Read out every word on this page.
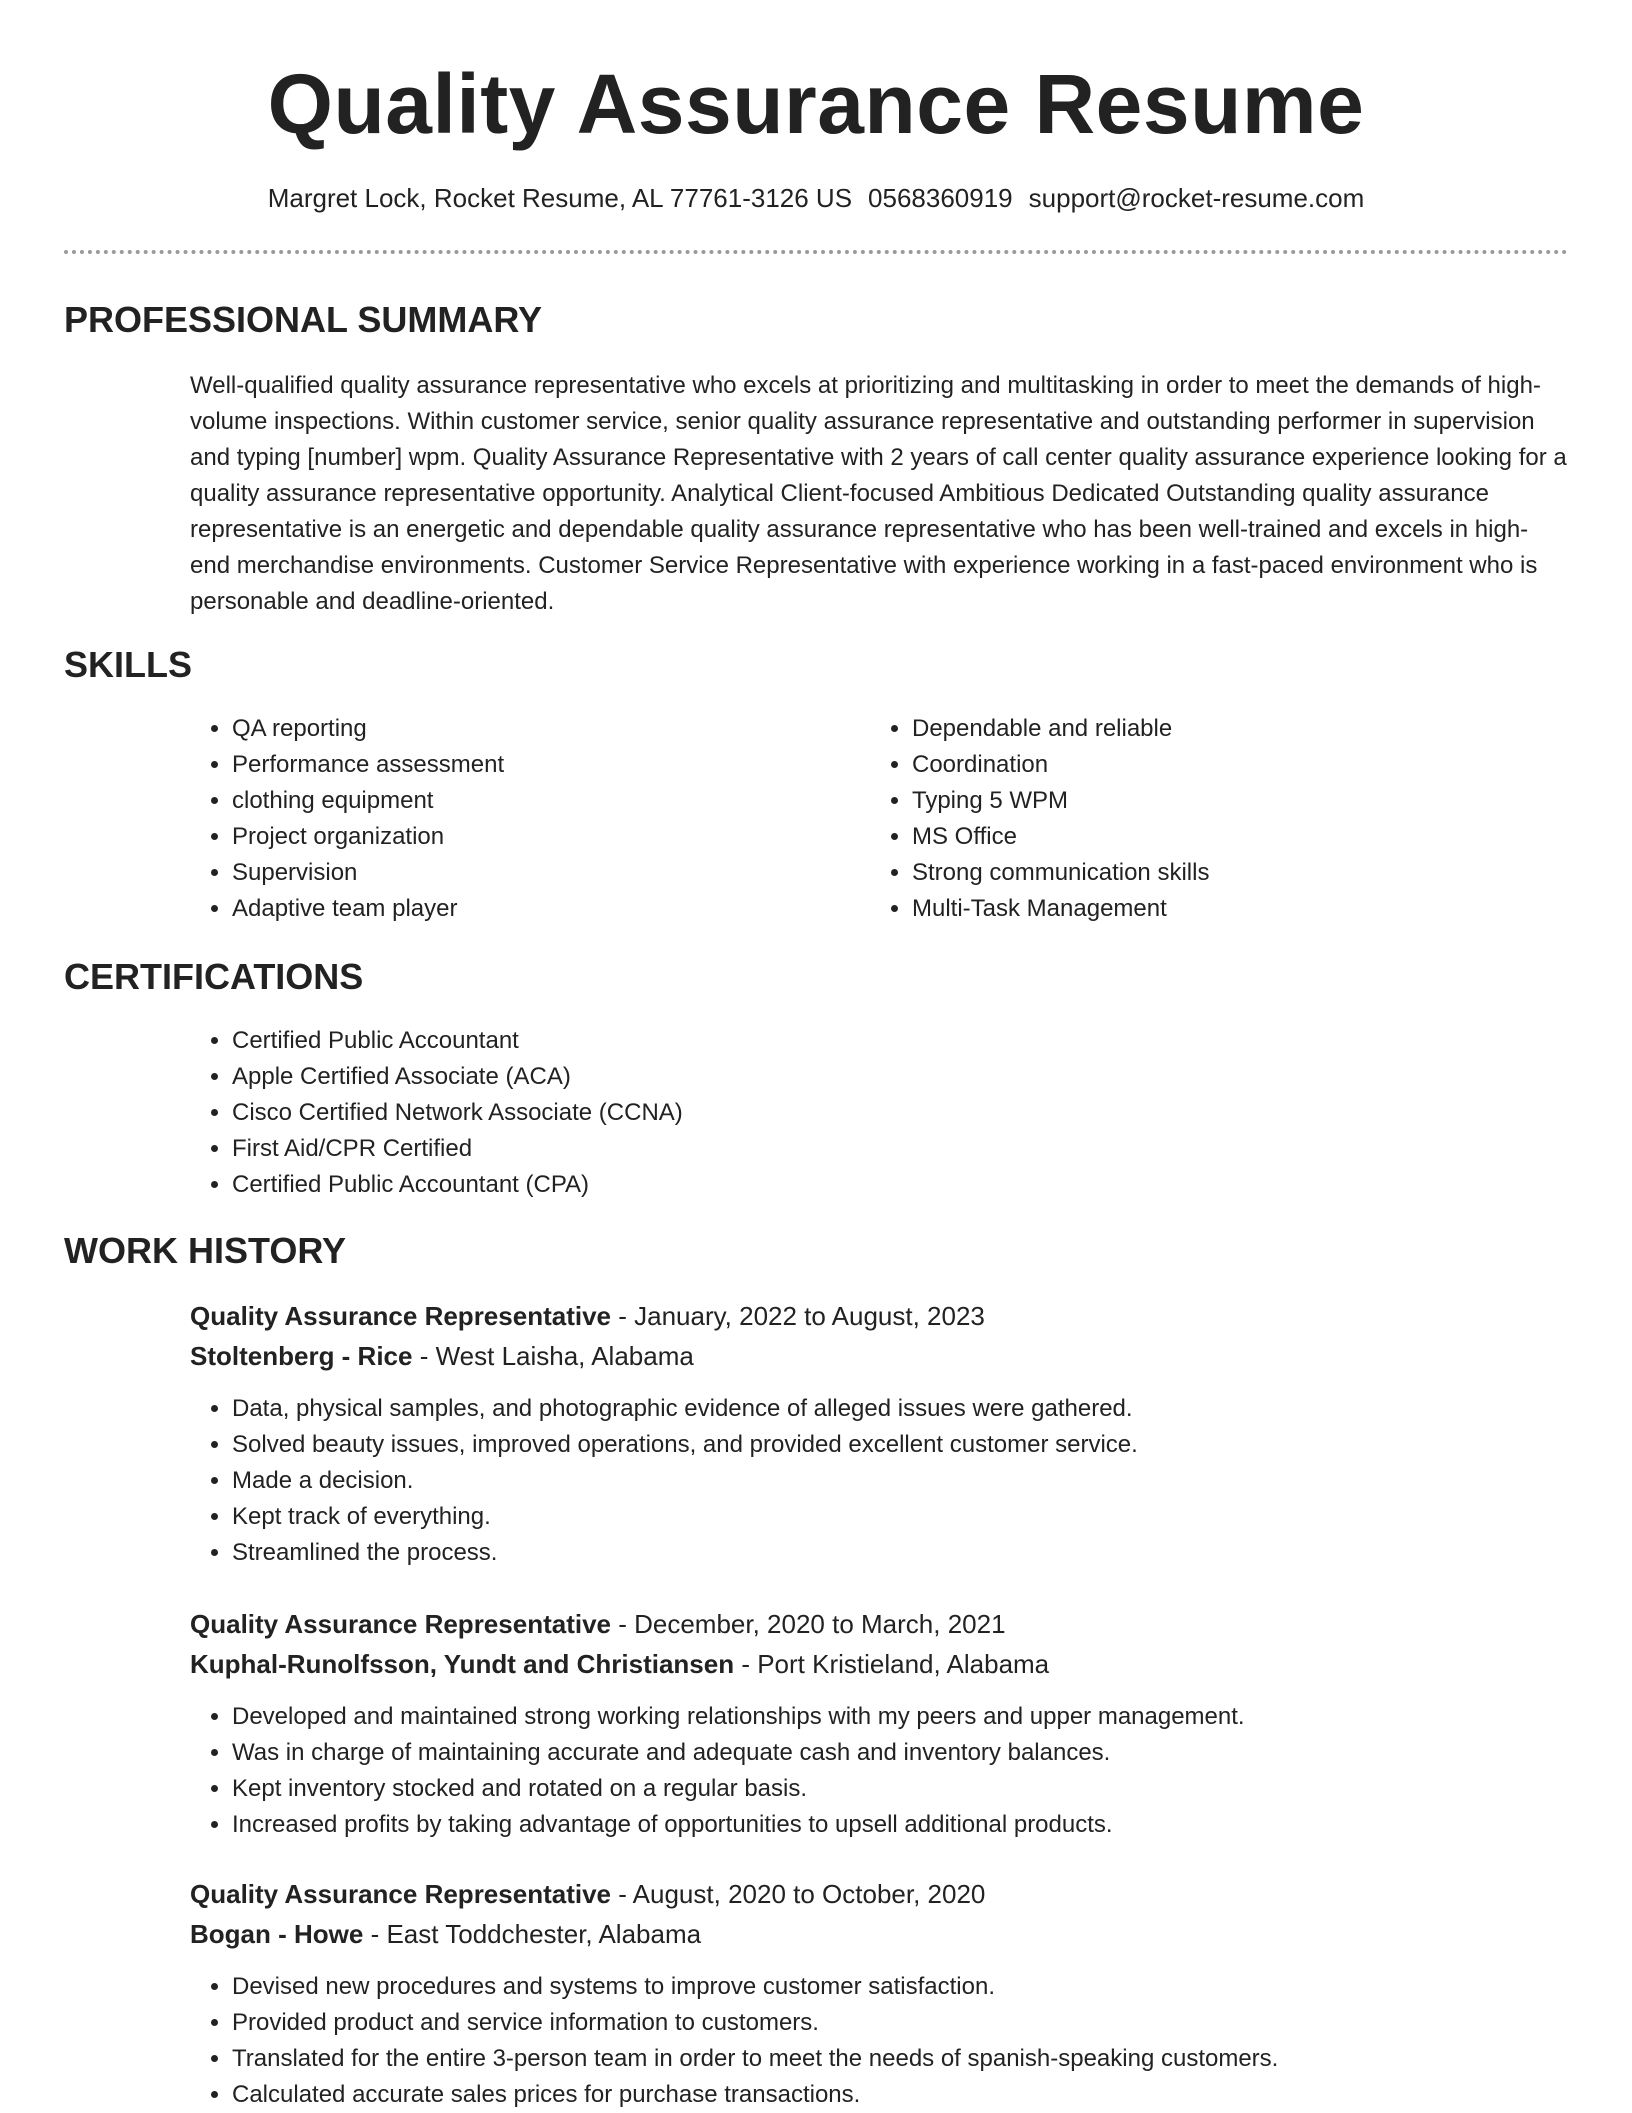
Quality Assurance Resume
Margret Lock, Rocket Resume, AL 77761-3126 US 0568360919 support@rocket-resume.com
PROFESSIONAL SUMMARY

Well-qualified quality assurance representative who excels at prioritizing and multitasking in order to meet the demands of high-volume inspections. Within customer service, senior quality assurance representative and outstanding performer in supervision and typing [number] wpm. Quality Assurance Representative with 2 years of call center quality assurance experience looking for a quality assurance representative opportunity. Analytical Client-focused Ambitious Dedicated Outstanding quality assurance representative is an energetic and dependable quality assurance representative who has been well-trained and excels in high-end merchandise environments. Customer Service Representative with experience working in a fast-paced environment who is personable and deadline-oriented.

SKILLS
• QA reporting
• Performance assessment
• clothing equipment
• Project organization
• Supervision
• Adaptive team player
• Dependable and reliable
• Coordination
• Typing 5 WPM
• MS Office
• Strong communication skills
• Multi-Task Management
CERTIFICATIONS
• Certified Public Accountant
• Apple Certified Associate (ACA)
• Cisco Certified Network Associate (CCNA)
• First Aid/CPR Certified
• Certified Public Accountant (CPA)
WORK HISTORY
Quality Assurance Representative - January, 2022 to August, 2023
Stoltenberg - Rice - West Laisha, Alabama
• Data, physical samples, and photographic evidence of alleged issues were gathered.
• Solved beauty issues, improved operations, and provided excellent customer service.
• Made a decision.
• Kept track of everything.
• Streamlined the process.
Quality Assurance Representative - December, 2020 to March, 2021
Kuphal-Runolfsson, Yundt and Christiansen - Port Kristieland, Alabama
• Developed and maintained strong working relationships with my peers and upper management.
• Was in charge of maintaining accurate and adequate cash and inventory balances.
• Kept inventory stocked and rotated on a regular basis.
• Increased profits by taking advantage of opportunities to upsell additional products.
Quality Assurance Representative - August, 2020 to October, 2020
Bogan - Howe - East Toddchester, Alabama
• Devised new procedures and systems to improve customer satisfaction.
• Provided product and service information to customers.
• Translated for the entire 3-person team in order to meet the needs of spanish-speaking customers.
• Calculated accurate sales prices for purchase transactions.
